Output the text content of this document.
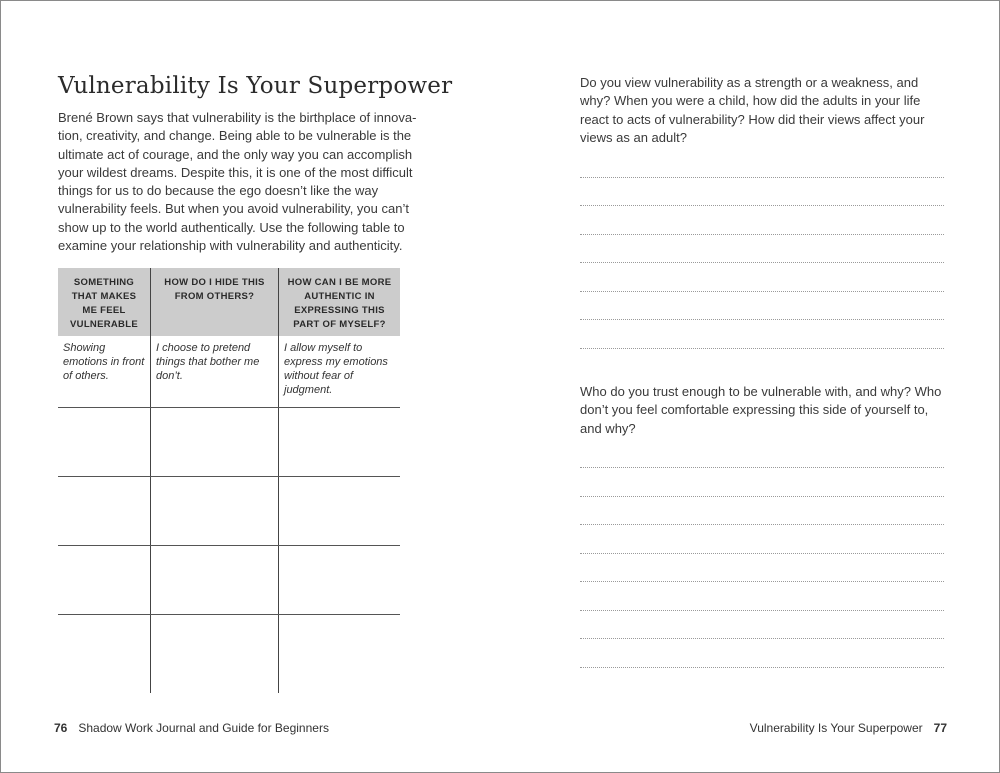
Vulnerability Is Your Superpower

Brené Brown says that vulnerability is the birthplace of innovation, creativity, and change. Being able to be vulnerable is the ultimate act of courage, and the only way you can accomplish your wildest dreams. Despite this, it is one of the most difficult things for us to do because the ego doesn’t like the way vulnerability feels. But when you avoid vulnerability, you can’t show up to the world authentically. Use the following table to examine your relationship with vulnerability and authenticity.

SOMETHING THAT MAKES ME FEEL VULNERABLE	HOW DO I HIDE THIS FROM OTHERS?	HOW CAN I BE MORE AUTHENTIC IN EXPRESSING THIS PART OF MYSELF?
Showing emotions in front of others.	I choose to pretend things that bother me don’t.	I allow myself to express my emotions without fear of judgment.

76 Shadow Work Journal and Guide for Beginners

Do you view vulnerability as a strength or a weakness, and why? When you were a child, how did the adults in your life react to acts of vulnerability? How did their views affect your views as an adult?

Who do you trust enough to be vulnerable with, and why? Who don’t you feel comfortable expressing this side of yourself to, and why?

Vulnerability Is Your Superpower 77
